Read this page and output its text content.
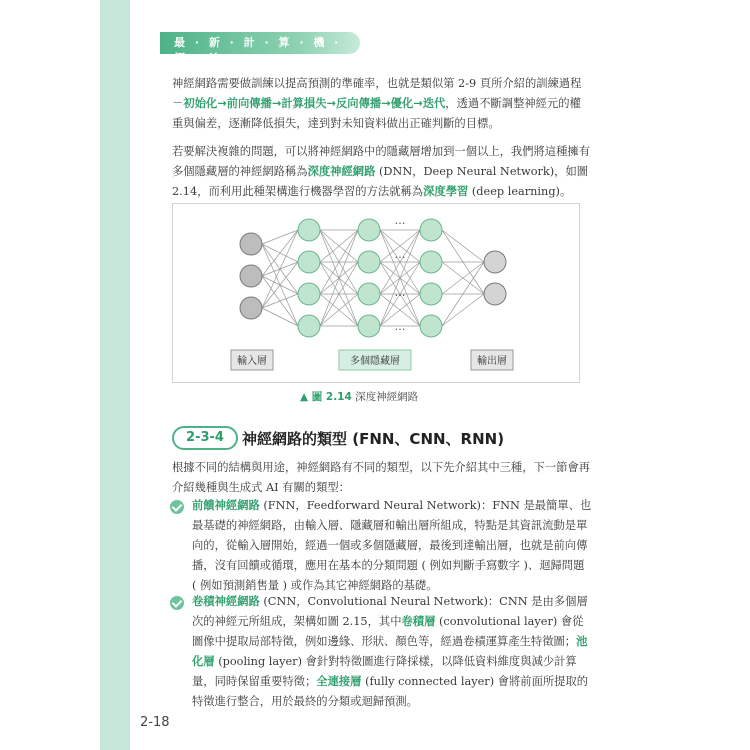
最 · 新 · 計 · 算 · 機 · 概 · 論

神經網路需要做訓練以提高預測的準確率，也就是類似第 2-9 頁所介紹的訓練過程－初始化→前向傳播→計算損失→反向傳播→優化→迭代，透過不斷調整神經元的權重與偏差，逐漸降低損失，達到對未知資料做出正確判斷的目標。

若要解決複雜的問題，可以將神經網路中的隱藏層增加到一個以上，我們將這種擁有多個隱藏層的神經網路稱為深度神經網路 (DNN，Deep Neural Network)，如圖 2.14，而利用此種架構進行機器學習的方法就稱為深度學習 (deep learning)。

…
…
…
…
輸入層	多個隱藏層	輸出層
▲ 圖 2.14 深度神經網路
2-3-4	神經網路的類型 (FNN、CNN、RNN)

根據不同的結構與用途，神經網路有不同的類型，以下先介紹其中三種，下一節會再介紹幾種與生成式 AI 有關的類型：

前饋神經網路 (FNN，Feedforward Neural Network)：FNN 是最簡單、也最基礎的神經網路，由輸入層、隱藏層和輸出層所組成，特點是其資訊流動是單向的，從輸入層開始，經過一個或多個隱藏層，最後到達輸出層，也就是前向傳播，沒有回饋或循環，應用在基本的分類問題 ( 例如判斷手寫數字 )、迴歸問題 ( 例如預測銷售量 ) 或作為其它神經網路的基礎。

卷積神經網路 (CNN，Convolutional Neural Network)：CNN 是由多個層次的神經元所組成，架構如圖 2.15，其中卷積層 (convolutional layer) 會從圖像中提取局部特徵，例如邊緣、形狀、顏色等，經過卷積運算產生特徵圖；池化層 (pooling layer) 會針對特徵圖進行降採樣，以降低資料維度與減少計算量，同時保留重要特徵；全連接層 (fully connected layer) 會將前面所提取的特徵進行整合，用於最終的分類或迴歸預測。

2-18
